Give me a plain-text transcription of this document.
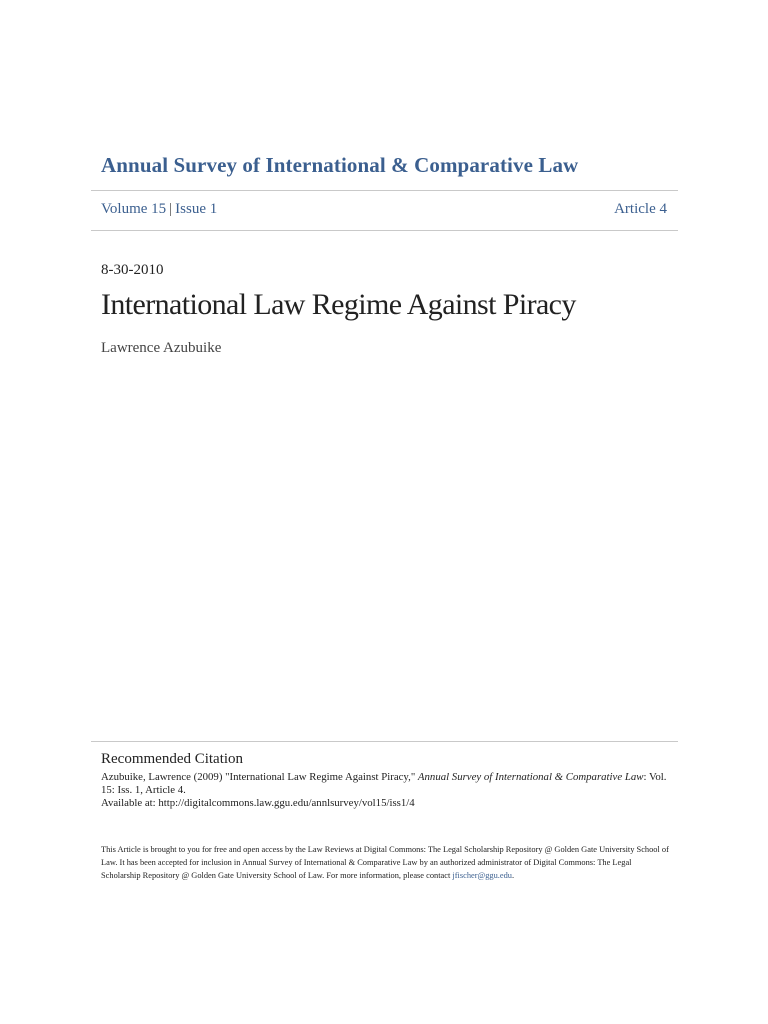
Annual Survey of International & Comparative Law
Volume 15 | Issue 1	Article 4
8-30-2010
International Law Regime Against Piracy
Lawrence Azubuike
Recommended Citation
Azubuike, Lawrence (2009) "International Law Regime Against Piracy," Annual Survey of International & Comparative Law: Vol. 15: Iss. 1, Article 4.
Available at: http://digitalcommons.law.ggu.edu/annlsurvey/vol15/iss1/4
This Article is brought to you for free and open access by the Law Reviews at Digital Commons: The Legal Scholarship Repository @ Golden Gate University School of Law. It has been accepted for inclusion in Annual Survey of International & Comparative Law by an authorized administrator of Digital Commons: The Legal Scholarship Repository @ Golden Gate University School of Law. For more information, please contact jfischer@ggu.edu.
